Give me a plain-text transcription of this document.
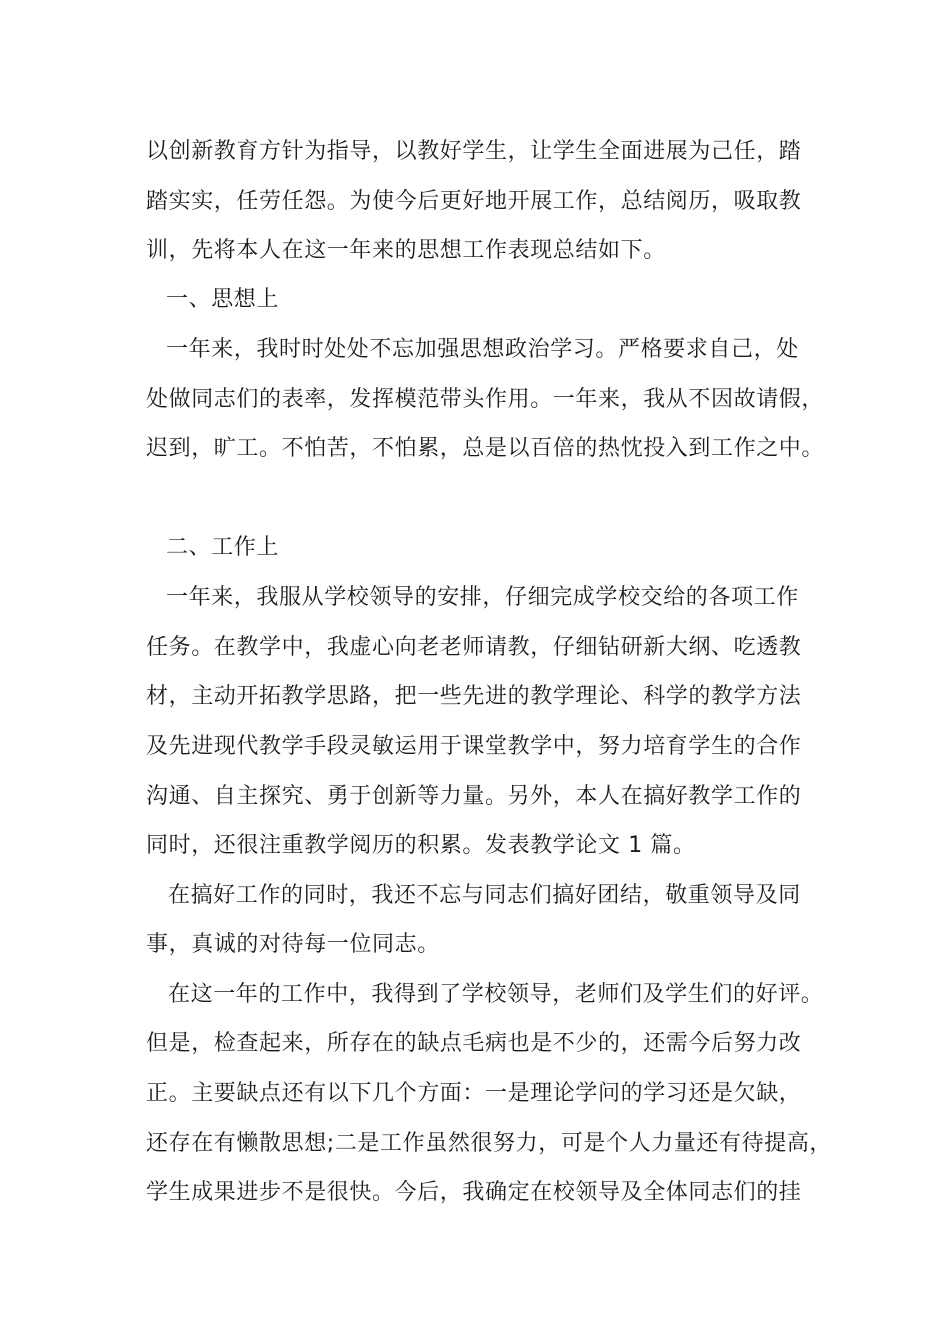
以创新教育方针为指导，以教好学生，让学生全面进展为己任，踏

踏实实，任劳任怨。为使今后更好地开展工作，总结阅历，吸取教

训，先将本人在这一年来的思想工作表现总结如下。

一、思想上

一年来，我时时处处不忘加强思想政治学习。严格要求自己，处

处做同志们的表率，发挥模范带头作用。一年来，我从不因故请假，

迟到，旷工。不怕苦，不怕累，总是以百倍的热忱投入到工作之中。

二、工作上

一年来，我服从学校领导的安排，仔细完成学校交给的各项工作

任务。在教学中，我虚心向老老师请教，仔细钻研新大纲、吃透教

材，主动开拓教学思路，把一些先进的教学理论、科学的教学方法

及先进现代教学手段灵敏运用于课堂教学中，努力培育学生的合作

沟通、自主探究、勇于创新等力量。另外，本人在搞好教学工作的

同时，还很注重教学阅历的积累。发表教学论文 1 篇。

在搞好工作的同时，我还不忘与同志们搞好团结，敬重领导及同

事，真诚的对待每一位同志。

在这一年的工作中，我得到了学校领导，老师们及学生们的好评。

但是，检查起来，所存在的缺点毛病也是不少的，还需今后努力改

正。主要缺点还有以下几个方面：一是理论学问的学习还是欠缺，

还存在有懒散思想;二是工作虽然很努力，可是个人力量还有待提高，

学生成果进步不是很快。今后，我确定在校领导及全体同志们的挂
